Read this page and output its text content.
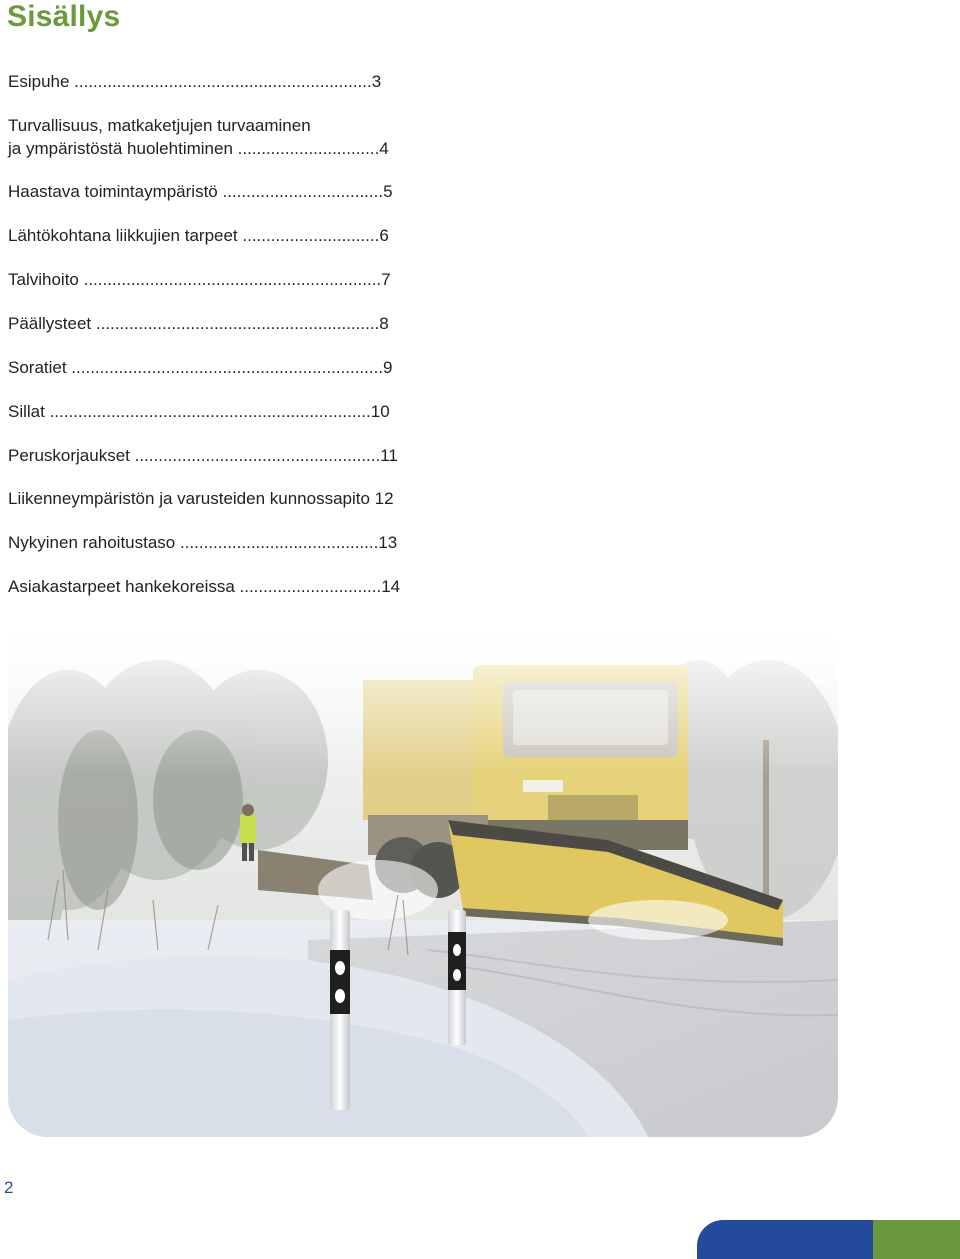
Sisällys
Esipuhe ...............................................................3
Turvallisuus, matkaketjujen turvaaminen
ja ympäristöstä huolehtiminen ..............................4
Haastava toimintaympäristö ..................................5
Lähtökohtana liikkujien tarpeet .............................6
Talvihoito ...............................................................7
Päällysteet ............................................................8
Soratiet ..................................................................9
Sillat ....................................................................10
Peruskorjaukset ....................................................11
Liikenneympäristön ja varusteiden kunnossapito 12
Nykyinen rahoitustaso ..........................................13
Asiakastarpeet hankekoreissa ..............................14
2
